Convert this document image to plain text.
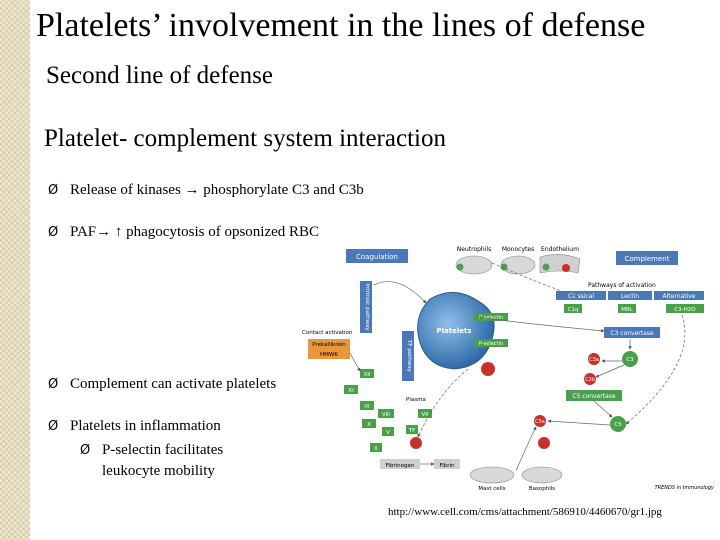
Platelets’ involvement in the lines of defense
Second line of defense
Platelet- complement system interaction
Ø Release of kinases → phosphorylate C3 and C3b
Ø PAF→ ↑ phagocytosis of opsonized RBC
Ø Complement can activate platelets
Ø Platelets in inflammation
Ø P-selectin facilitates
leukocyte mobility
Coagulation	Complement
Neutrophils Monocytes Endothelium
Pathways of activation
Classical	Lectin	Alternative
C1q	MBL	C3-H2O
C3 convertase
C3
C3a
C3b
C5 convertase
C5
C5a
Platelets
P-selectin
P-selectin
Intrinsic pathway
TF pathway
Contact activation
Prekallikrein
HMWK
XII
XI
IX
VIII
X
V
II
VII
TF
Plasma
Fibrinogen	Fibrin
Mast cells	Basophils	TRENDS in Immunology
http://www.cell.com/cms/attachment/586910/4460670/gr1.jpg
